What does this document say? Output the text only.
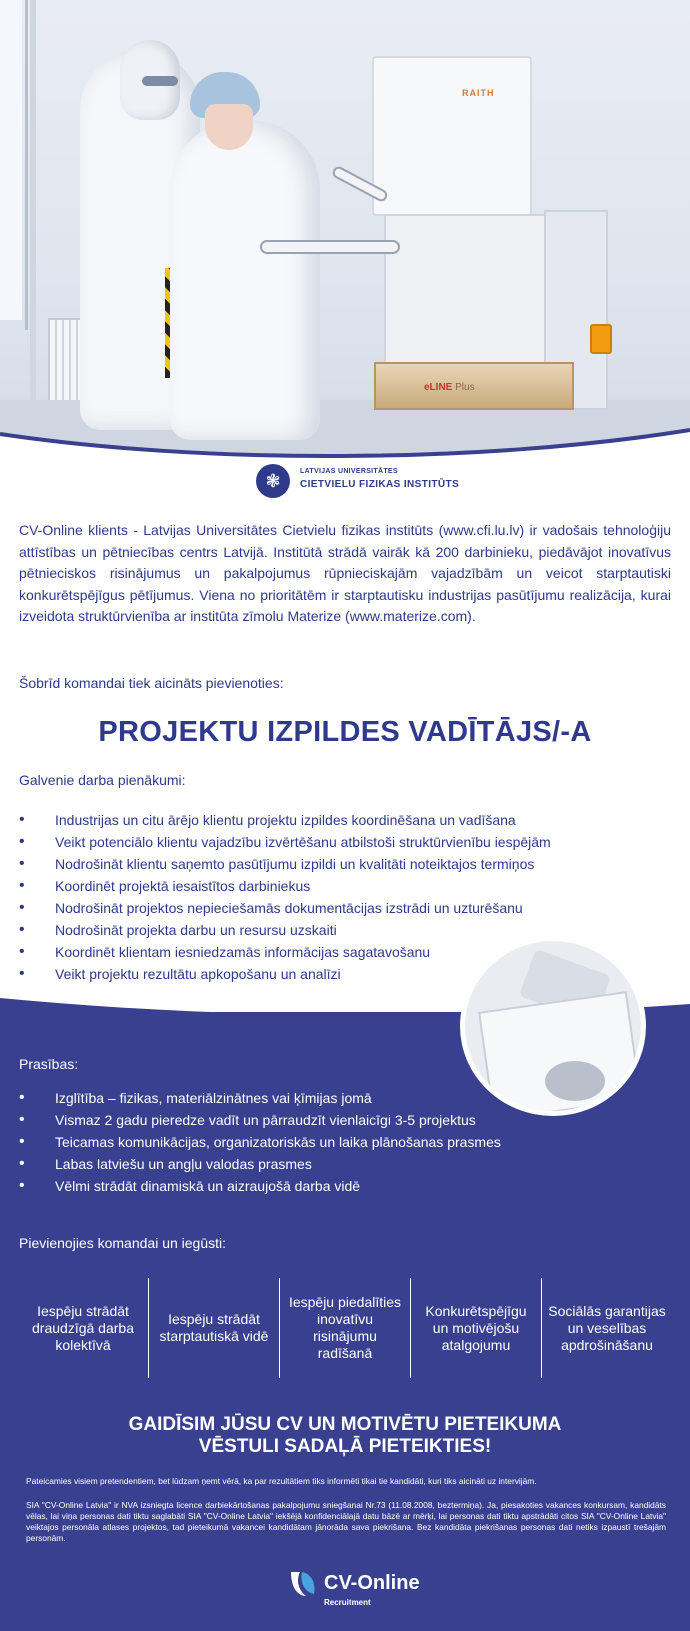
RAITH
eLINE Plus
❃	LATVIJAS UNIVERSITĀTES
CIETVIELU FIZIKAS INSTITŪTS

CV-Online klients - Latvijas Universitātes Cietvielu fizikas institūts (www.cfi.lu.lv) ir vadošais tehnoloģiju attīstības un pētniecības centrs Latvijā. Institūtā strādā vairāk kā 200 darbinieku, piedāvājot inovatīvus pētnieciskos risinājumus un pakalpojumus rūpnieciskajām vajadzībām un veicot starptautiski konkurētspējīgus pētījumus. Viena no prioritātēm ir starptautisku industrijas pasūtījumu realizācija, kurai izveidota struktūrvienība ar institūta zīmolu Materize (www.materize.com).

Šobrīd komandai tiek aicināts pievienoties:

PROJEKTU IZPILDES VADĪTĀJS/-A

Galvenie darba pienākumi:

• Industrijas un citu ārējo klientu projektu izpildes koordinēšana un vadīšana
• Veikt potenciālo klientu vajadzību izvērtēšanu atbilstoši struktūrvienību iespējām
• Nodrošināt klientu saņemto pasūtījumu izpildi un kvalitāti noteiktajos termiņos
• Koordinēt projektā iesaistītos darbiniekus
• Nodrošināt projektos nepieciešamās dokumentācijas izstrādi un uzturēšanu
• Nodrošināt projekta darbu un resursu uzskaiti
• Koordinēt klientam iesniedzamās informācijas sagatavošanu
• Veikt projektu rezultātu apkopošanu un analīzi

Prasības:

• Izglītība – fizikas, materiālzinātnes vai ķīmijas jomā
• Vismaz 2 gadu pieredze vadīt un pārraudzīt vienlaicīgi 3-5 projektus
• Teicamas komunikācijas, organizatoriskās un laika plānošanas prasmes
• Labas latviešu un angļu valodas prasmes
• Vēlmi strādāt dinamiskā un aizraujošā darba vidē

Pievienojies komandai un iegūsti:

Iespēju strādāt draudzīgā darba kolektīvā
Iespēju strādāt starptautiskā vidē
Iespēju piedalīties inovatīvu risinājumu radīšanā
Konkurētspējīgu un motivējošu atalgojumu
Sociālās garantijas un veselības apdrošināšanu
GAIDĪSIM JŪSU CV UN MOTIVĒTU PIETEIKUMA
VĒSTULI SADAĻĀ PIETEIKTIES!

Pateicamies visiem pretendentiem, bet lūdzam ņemt vērā, ka par rezultātiem tiks informēti tikai tie kandidāti, kuri tiks aicināti uz intervijām.

SIA "CV-Online Latvia" ir NVA izsniegta licence darbiekārtošanas pakalpojumu sniegšanai Nr.73 (11.08.2008, beztermiņa). Ja, piesakoties vakances konkursam, kandidāts vēlas, lai viņa personas dati tiktu saglabāti SIA "CV-Online Latvia" iekšējā konfidenciālajā datu bāzē ar mērķi, lai personas dati tiktu apstrādāti citos SIA "CV-Online Latvia" veiktajos personāla atlases projektos, tad pieteikumā vakancei kandidātam jānorāda sava piekrišana. Bez kandidāta piekrišanas personas dati netiks izpaustī trešajām personām.

CV-Online
Recruitment
